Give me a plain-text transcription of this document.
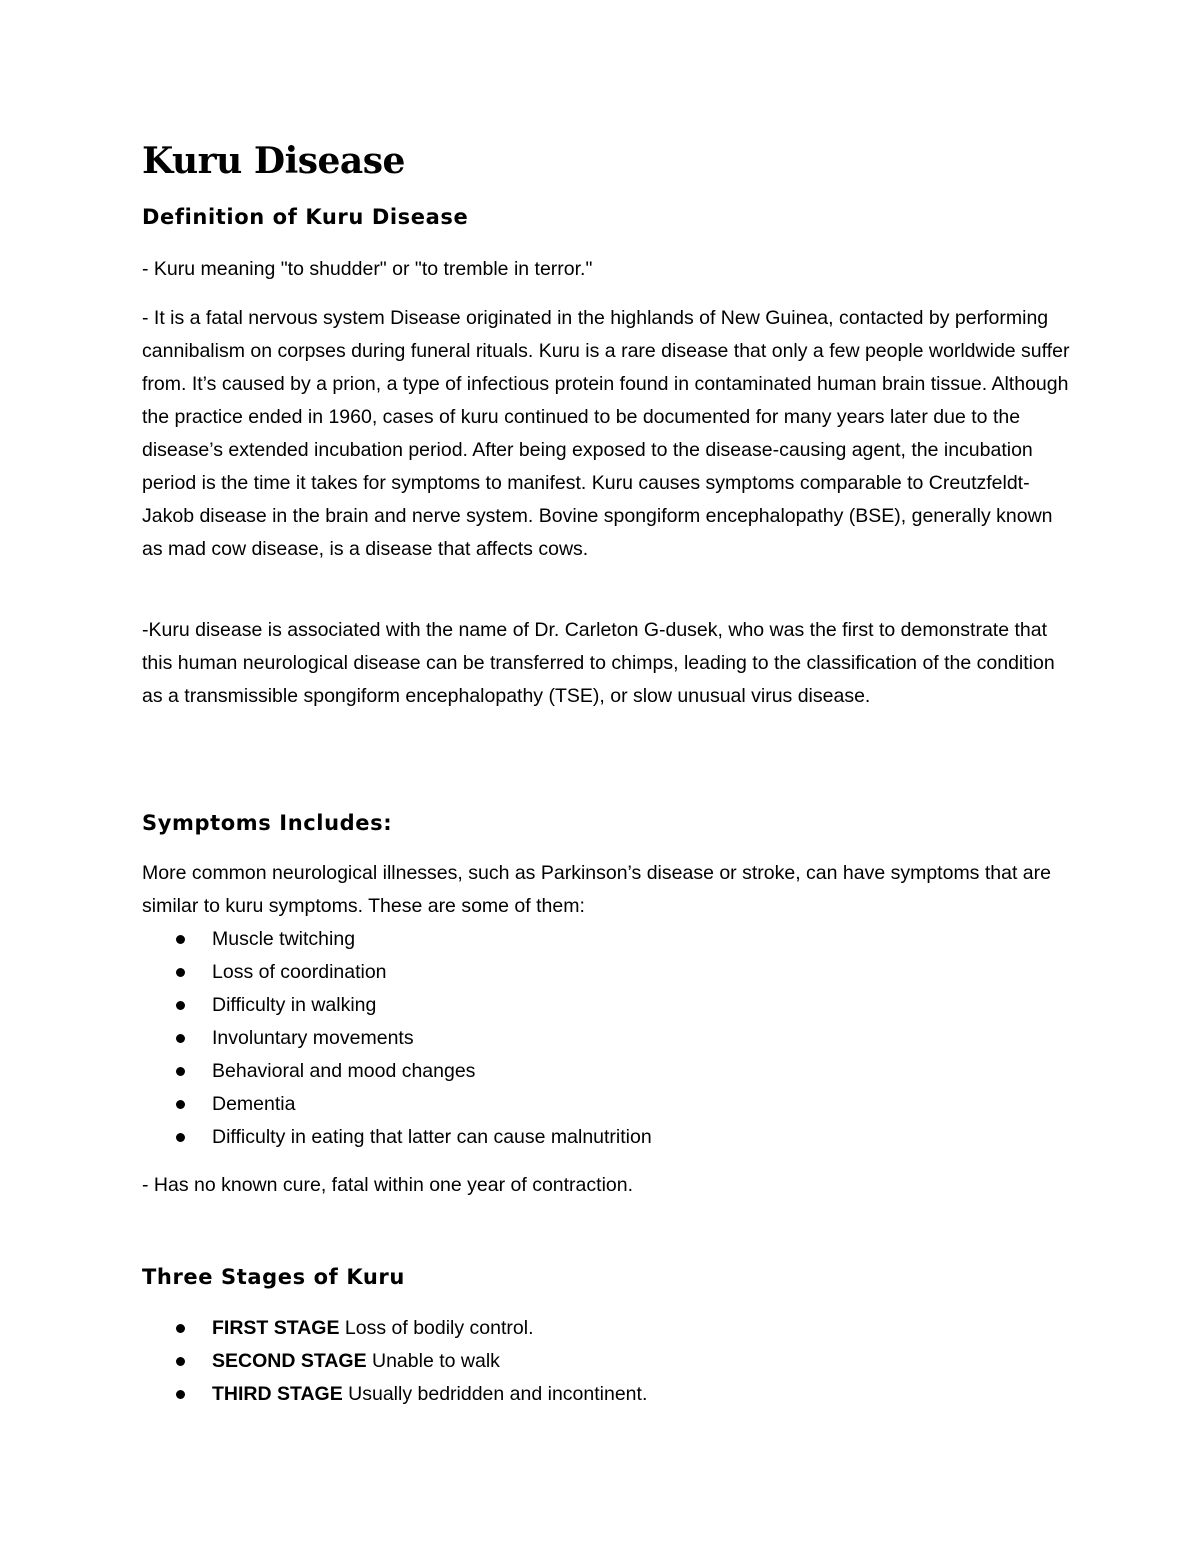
Kuru Disease
Definition of Kuru Disease

- Kuru meaning "to shudder" or "to tremble in terror."

- It is a fatal nervous system Disease originated in the highlands of New Guinea, contacted by performing cannibalism on corpses during funeral rituals. Kuru is a rare disease that only a few people worldwide suffer from. It’s caused by a prion, a type of infectious protein found in contaminated human brain tissue. Although the practice ended in 1960, cases of kuru continued to be documented for many years later due to the disease’s extended incubation period. After being exposed to the disease-causing agent, the incubation period is the time it takes for symptoms to manifest. Kuru causes symptoms comparable to Creutzfeldt-Jakob disease in the brain and nerve system. Bovine spongiform encephalopathy (BSE), generally known as mad cow disease, is a disease that affects cows.

-Kuru disease is associated with the name of Dr. Carleton G-dusek, who was the first to demonstrate that this human neurological disease can be transferred to chimps, leading to the classification of the condition as a transmissible spongiform encephalopathy (TSE), or slow unusual virus disease.

Symptoms Includes:

More common neurological illnesses, such as Parkinson’s disease or stroke, can have symptoms that are similar to kuru symptoms. These are some of them:

Muscle twitching
Loss of coordination
Difficulty in walking
Involuntary movements
Behavioral and mood changes
Dementia
Difficulty in eating that latter can cause malnutrition

- Has no known cure, fatal within one year of contraction.

Three Stages of Kuru
FIRST STAGE Loss of bodily control.
SECOND STAGE Unable to walk
THIRD STAGE Usually bedridden and incontinent.
